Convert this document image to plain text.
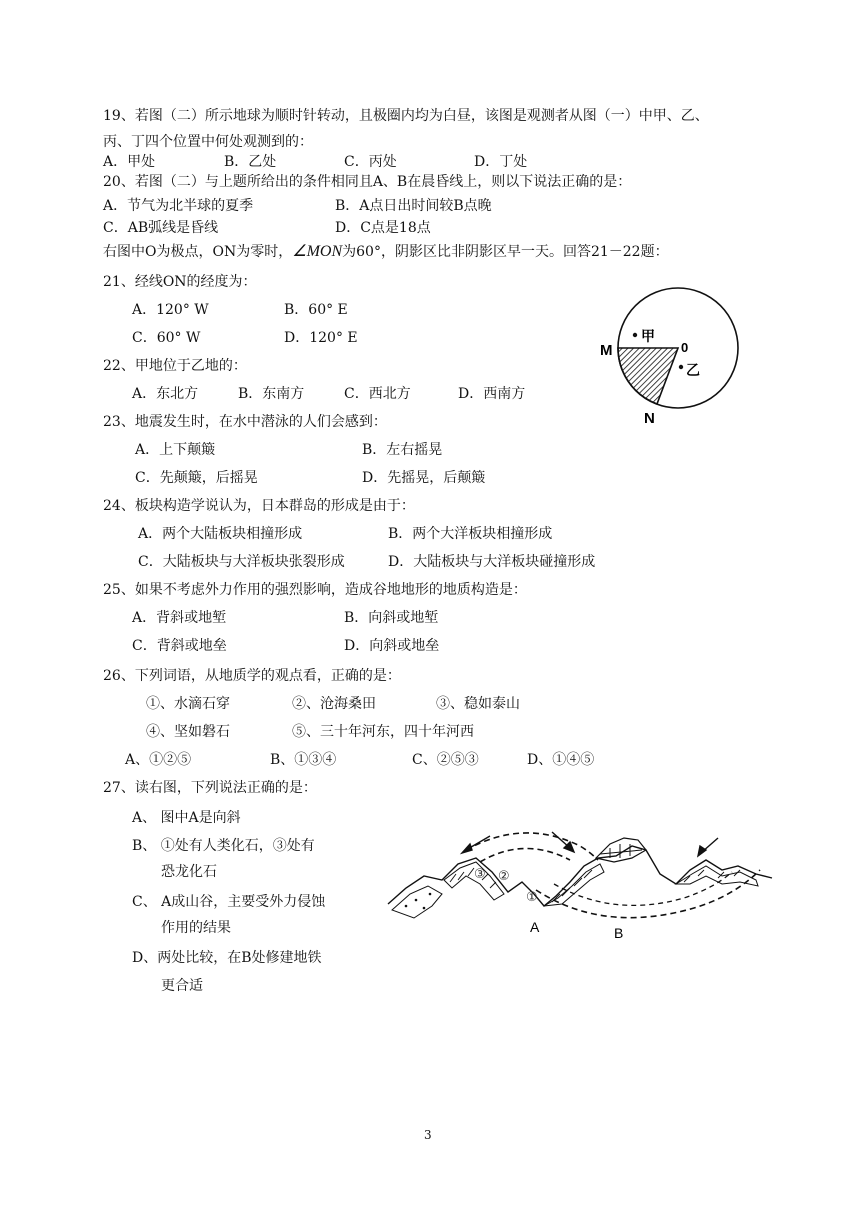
19、若图（二）所示地球为顺时针转动，且极圈内均为白昼，该图是观测者从图（一）中甲、乙、
丙、丁四个位置中何处观测到的：
A．甲处	B．乙处	C．丙处	D．丁处
20、若图（二）与上题所给出的条件相同且A、B在晨昏线上，则以下说法正确的是：
A．节气为北半球的夏季	B．A点日出时间较B点晚
C．AB弧线是昏线	D．C点是18点
右图中O为极点，ON为零时，∠MON为60°，阴影区比非阴影区早一天。回答21－22题：
21、经线ON的经度为：
A．120° W	B．60° E
C．60° W	D．120° E
22、甲地位于乙地的：
A．东北方	B．东南方	C．西北方	D．西南方
23、地震发生时，在水中潜泳的人们会感到：
A．上下颠簸	B．左右摇晃
C．先颠簸，后摇晃	D．先摇晃，后颠簸
24、板块构造学说认为，日本群岛的形成是由于：
A．两个大陆板块相撞形成	B．两个大洋板块相撞形成
C．大陆板块与大洋板块张裂形成	D．大陆板块与大洋板块碰撞形成
25、如果不考虑外力作用的强烈影响，造成谷地地形的地质构造是：
A．背斜或地堑	B．向斜或地堑
C．背斜或地垒	D．向斜或地垒
26、下列词语，从地质学的观点看，正确的是：
①、水滴石穿	②、沧海桑田	③、稳如泰山
④、坚如磐石	⑤、三十年河东，四十年河西
A、①②⑤	B、①③④	C、②⑤③	D、①④⑤
27、读右图，下列说法正确的是：
A、 图中A是向斜
B、 ①处有人类化石，③处有
恐龙化石
C、 A成山谷，主要受外力侵蚀
作用的结果
D、两处比较，在B处修建地铁
更合适
M	0
N
甲
乙
③ ②
①
A	B
3
